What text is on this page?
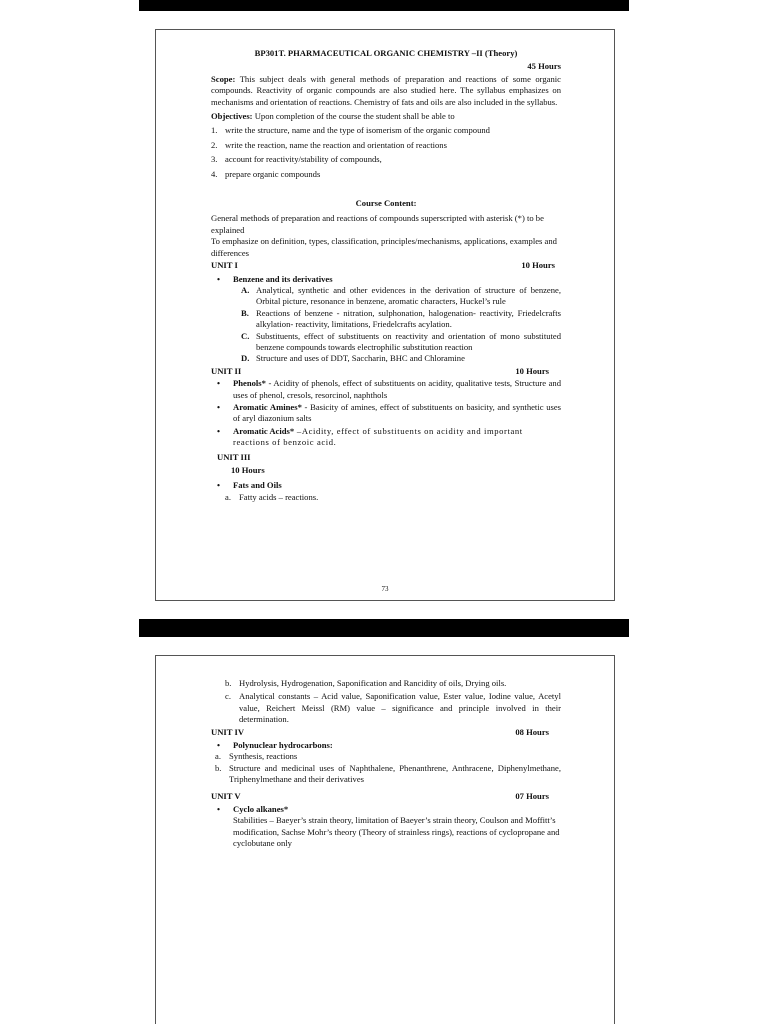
BP301T. PHARMACEUTICAL ORGANIC CHEMISTRY –II (Theory)

45 Hours

Scope: This subject deals with general methods of preparation and reactions of some organic compounds. Reactivity of organic compounds are also studied here. The syllabus emphasizes on mechanisms and orientation of reactions. Chemistry of fats and oils are also included in the syllabus.

Objectives: Upon completion of the course the student shall be able to

1. write the structure, name and the type of isomerism of the organic compound
2. write the reaction, name the reaction and orientation of reactions
3. account for reactivity/stability of compounds,
4. prepare organic compounds

Course Content:

General methods of preparation and reactions of compounds superscripted with asterisk (*) to be explained

To emphasize on definition, types, classification, principles/mechanisms, applications, examples and differences

UNIT I	10 Hours
•	Benzene and its derivatives
A. Analytical, synthetic and other evidences in the derivation of structure of benzene, Orbital picture, resonance in benzene, aromatic characters, Huckel’s rule
B. Reactions of benzene - nitration, sulphonation, halogenation- reactivity, Friedelcrafts alkylation- reactivity, limitations, Friedelcrafts acylation.
C. Substituents, effect of substituents on reactivity and orientation of mono substituted benzene compounds towards electrophilic substitution reaction
D. Structure and uses of DDT, Saccharin, BHC and Chloramine
UNIT II	10 Hours
•	Phenols* - Acidity of phenols, effect of substituents on acidity, qualitative tests, Structure and uses of phenol, cresols, resorcinol, naphthols
•	Aromatic Amines* - Basicity of amines, effect of substituents on basicity, and synthetic uses of aryl diazonium salts
•	Aromatic Acids* –Acidity, effect of substituents on acidity and important reactions of benzoic acid.

UNIT III

10 Hours

•	Fats and Oils
a. Fatty acids – reactions.

73

b. Hydrolysis, Hydrogenation, Saponification and Rancidity of oils, Drying oils.
c. Analytical constants – Acid value, Saponification value, Ester value, Iodine value, Acetyl value, Reichert Meissl (RM) value – significance and principle involved in their determination.
UNIT IV	08 Hours
•	Polynuclear hydrocarbons:
a. Synthesis, reactions
b. Structure and medicinal uses of Naphthalene, Phenanthrene, Anthracene, Diphenylmethane, Triphenylmethane and their derivatives
UNIT V	07 Hours
•	Cyclo alkanes*

Stabilities – Baeyer’s strain theory, limitation of Baeyer’s strain theory, Coulson and Moffitt’s modification, Sachse Mohr’s theory (Theory of strainless rings), reactions of cyclopropane and cyclobutane only
